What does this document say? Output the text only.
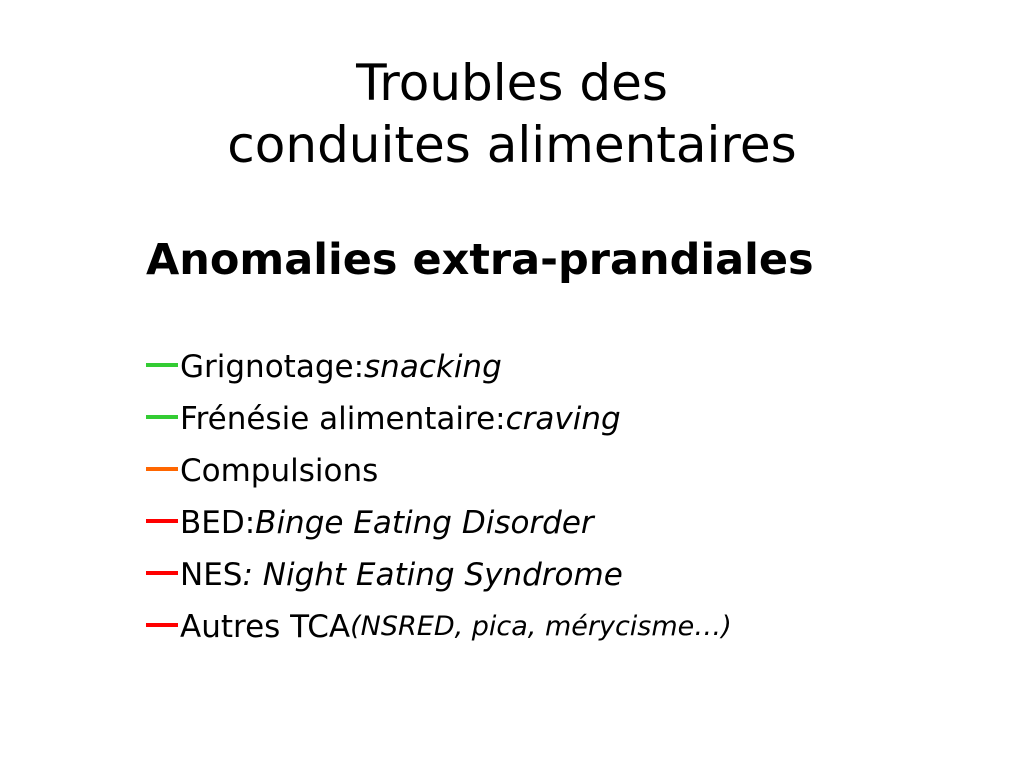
Troubles des
conduites alimentaires
Anomalies extra-prandiales
Grignotage: snacking
Frénésie alimentaire: craving
Compulsions
BED: Binge Eating Disorder
NES : Night Eating Syndrome
Autres TCA (NSRED, pica, mérycisme…)
